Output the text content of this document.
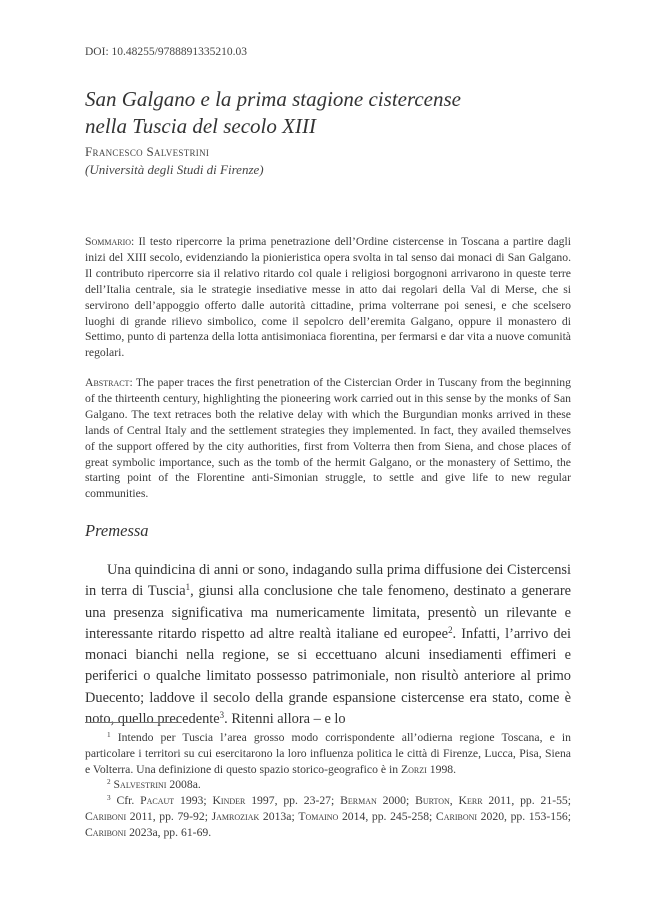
DOI: 10.48255/9788891335210.03
San Galgano e la prima stagione cistercense
nella Tuscia del secolo XIII
Francesco Salvestrini
(Università degli Studi di Firenze)
Sommario: Il testo ripercorre la prima penetrazione dell’Ordine cistercense in Toscana a partire dagli inizi del XIII secolo, evidenziando la pionieristica opera svolta in tal senso dai monaci di San Galgano. Il contributo ripercorre sia il relativo ritardo col quale i religiosi borgognoni arrivarono in queste terre dell’Italia centrale, sia le strategie insediative messe in atto dai regolari della Val di Merse, che si servirono dell’appoggio offerto dalle autorità cittadine, prima volterrane poi senesi, e che scelsero luoghi di grande rilievo simbolico, come il sepolcro dell’eremita Galgano, oppure il monastero di Settimo, punto di partenza della lotta antisimoniaca fiorentina, per fermarsi e dar vita a nuove comunità regolari.
Abstract: The paper traces the first penetration of the Cistercian Order in Tuscany from the beginning of the thirteenth century, highlighting the pioneering work carried out in this sense by the monks of San Galgano. The text retraces both the relative delay with which the Burgundian monks arrived in these lands of Central Italy and the settlement strategies they implemented. In fact, they availed themselves of the support offered by the city authorities, first from Volterra then from Siena, and chose places of great symbolic importance, such as the tomb of the hermit Galgano, or the monastery of Settimo, the starting point of the Florentine anti-Simonian struggle, to settle and give life to new regular communities.
Premessa

Una quindicina di anni or sono, indagando sulla prima diffusione dei Cistercensi in terra di Tuscia$^1$, giunsi alla conclusione che tale fenomeno, destinato a generare una presenza significativa ma numericamente limitata, presentò un rilevante e interessante ritardo rispetto ad altre realtà italiane ed europee$^2$. Infatti, l’arrivo dei monaci bianchi nella regione, se si eccettuano alcuni insediamenti effimeri e periferici o qualche limitato possesso patrimoniale, non risultò anteriore al primo Duecento; laddove il secolo della grande espansione cistercense era stato, come è noto, quello precedente$^3$. Ritenni allora – e lo

$^1$ Intendo per Tuscia l’area grosso modo corrispondente all’odierna regione Toscana, e in particolare i territori su cui esercitarono la loro influenza politica le città di Firenze, Lucca, Pisa, Siena e Volterra. Una definizione di questo spazio storico-geografico è in Zorzi 1998.

$^2$ Salvestrini 2008a.

$^3$ Cfr. Pacaut 1993; Kinder 1997, pp. 23-27; Berman 2000; Burton, Kerr 2011, pp. 21-55; Cariboni 2011, pp. 79-92; Jamroziak 2013a; Tomaino 2014, pp. 245-258; Cariboni 2020, pp. 153-156; Cariboni 2023a, pp. 61-69.
